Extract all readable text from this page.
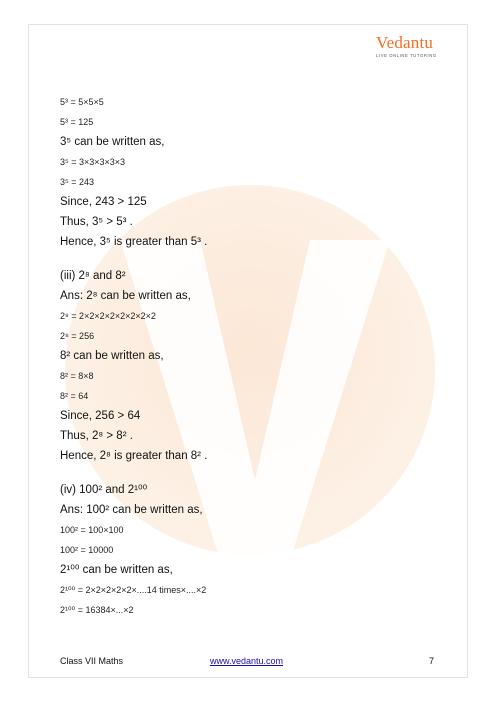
Vedantu
LIVE ONLINE TUTORING
5³ = 5×5×5
5³ = 125
3⁵ can be written as,
3⁵ = 3×3×3×3×3
3⁵ = 243
Since, 243 > 125
Thus, 3⁵ > 5³ .
Hence, 3⁵ is greater than 5³ .
(iii) 2⁸ and 8²
Ans: 2⁸ can be written as,
2⁸ = 2×2×2×2×2×2×2×2
2⁸ = 256
8² can be written as,
8² = 8×8
8² = 64
Since, 256 > 64
Thus, 2⁸ > 8² .
Hence, 2⁸ is greater than 8² .
(iv) 100² and 2¹⁰⁰
Ans: 100² can be written as,
100² = 100×100
100² = 10000
2¹⁰⁰ can be written as,
2¹⁰⁰ = 2×2×2×2×2×....14 times×....×2
2¹⁰⁰ = 16384×...×2
Class VII Maths	www.vedantu.com	7
